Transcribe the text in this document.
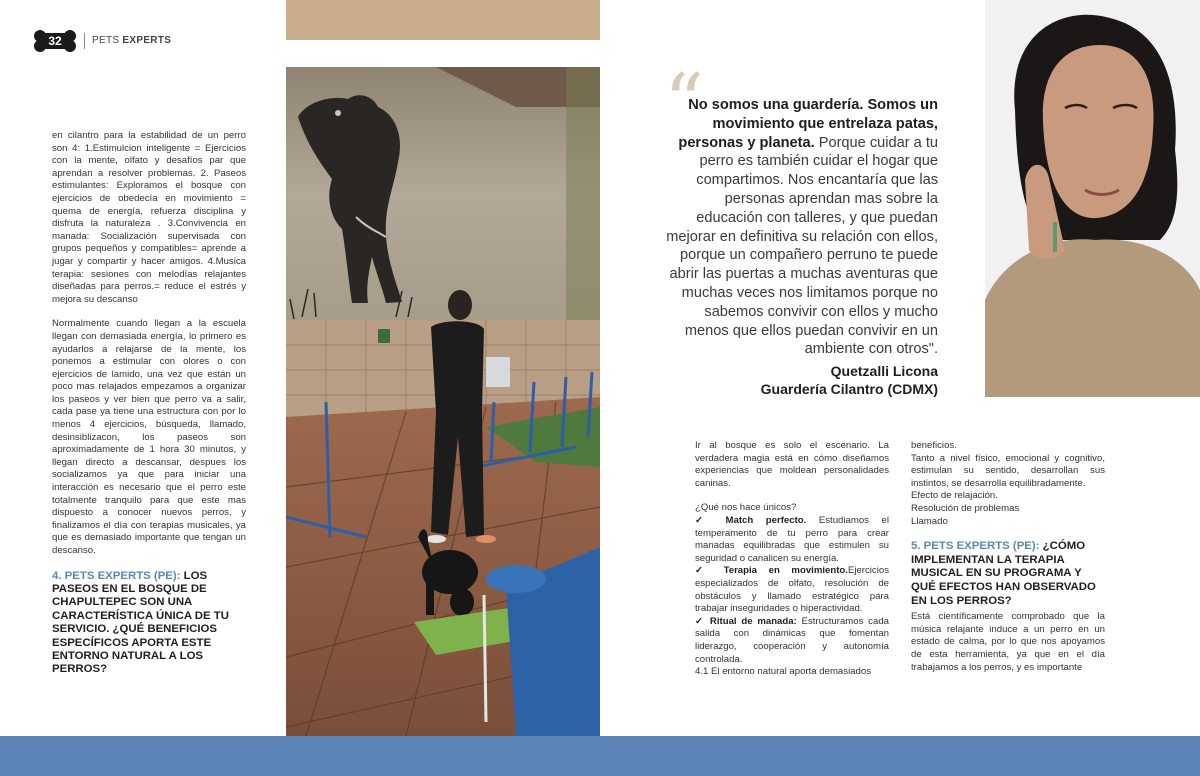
32	PETS EXPERTS

en cilantro para la estabilidad de un perro son 4: 1.Estimulcion inteligente = Ejercicios con la mente, olfato y desafíos par que aprendan a resolver problemas. 2. Paseos estimulantes: Exploramos el bosque con ejercicios de obedecía en movimiento = quema de energía, refuerza disciplina y disfruta la naturaleza . 3.Convivencia en manada: Socialización supervisada con grupos pequeños y compatibles= aprende a jugar y compartir y hacer amigos. 4.Musica terapia: sesiones con melodías relajantes diseñadas para perros.= reduce el estrés y mejora su descanso

Normalmente cuando llegan a la escuela llegan con demasiada energía, lo primero es ayudarlos a relajarse de la mente, los ponemos a estimular con olores o con ejercicios de lamido, una vez que están un poco mas relajados empezamos a organizar los paseos y ver bien que perro va a salir, cada pase ya tiene una estructura con por lo menos 4 ejercicios, búsqueda, llamado, desinsiblizacon, los paseos son aproximadamente de 1 hora 30 minutos, y llegan directo a descansar, despues los socializamos ya que para iniciar una interacción es necesario que el perro este totalmente tranquilo para que este mas dispuesto a conocer nuevos perros, y finalizamos el día con terapias musicales, ya que es demasiado importante que tengan un descanso.

4. PETS EXPERTS (PE): LOS PASEOS EN EL BOSQUE DE CHAPULTEPEC SON UNA CARACTERÍSTICA ÚNICA DE TU SERVICIO. ¿QUÉ BENEFICIOS ESPECÍFICOS APORTA ESTE ENTORNO NATURAL A LOS PERROS?

“
No somos una guardería. Somos un movimiento que entrelaza patas, personas y planeta. Porque cuidar a tu perro es también cuidar el hogar que compartimos. Nos encantaría que las personas aprendan mas sobre la educación con talleres, y que puedan mejorar en definitiva su relación con ellos, porque un compañero perruno te puede abrir las puertas a muchas aventuras que muchas veces nos limitamos porque no sabemos convivir con ellos y mucho menos que ellos puedan convivir en un ambiente con otros".
Quetzalli Licona
Guardería Cilantro (CDMX)

Ir al bosque es solo el escenario. La verdadera magia está en cómo diseñamos experiencias que moldean personalidades caninas.

¿Qué nos hace únicos?

✓ Match perfecto. Estudiamos el temperamento de tu perro para crear manadas equilibradas que estimulen su seguridad o canalicen su energía.

✓ Terapia en movimiento.Ejercicios especializados de olfato, resolución de obstáculos y llamado estratégico para trabajar inseguridades o hiperactividad.

✓ Ritual de manada: Estructuramos cada salida con dinámicas que fomentan liderazgo, cooperación y autonomía controlada.

4.1 El entorno natural aporta demasiados

beneficios.

Tanto a nivel físico, emocional y cognitivo, estimulan su sentido, desarrollan sus instintos, se desarrolla equilibradamente.

Efecto de relajación.

Resolución de problemas

Llamado

5. PETS EXPERTS (PE): ¿CÓMO IMPLEMENTAN LA TERAPIA MUSICAL EN SU PROGRAMA Y QUÉ EFECTOS HAN OBSERVADO EN LOS PERROS?

Está científicamente comprobado que la música relajante induce a un perro en un estado de calma, por lo que nos apoyamos de esta herramienta, ya que en el día trabajamos a los perros, y es importante
